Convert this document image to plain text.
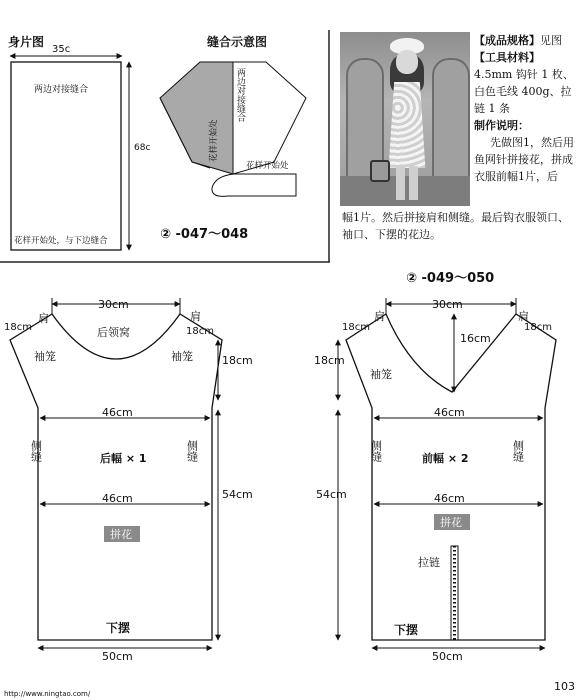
身片图
35c
68c
两边对接缝合
花样开始处，与下边缝合
缝合示意图
两边对接缝合
花样开始处
花样开始处
② -047～048
② -049～050
30cm
肩	肩
18cm	18cm
后领窝
袖笼	袖笼	18cm
46cm
侧缝	侧缝
后幅 × 1
46cm	54cm
拼花
下摆
50cm
30cm
肩	肩
18cm	18cm
16cm
18cm
袖笼
46cm
侧缝	侧缝
前幅 × 2
46cm
54cm
拼花
拉链
下摆
50cm
http://www.ningtao.com/
103

【成品规格】见图

【工具材料】

4.5mm 钩针 1 枚、白色毛线 400g、拉链 1 条

制作说明：

先做图1，然后用鱼网针拼接花，拼成衣服前幅1片，后

幅1片。然后拼接肩和侧缝。最后钩衣服领口、袖口、下摆的花边。
